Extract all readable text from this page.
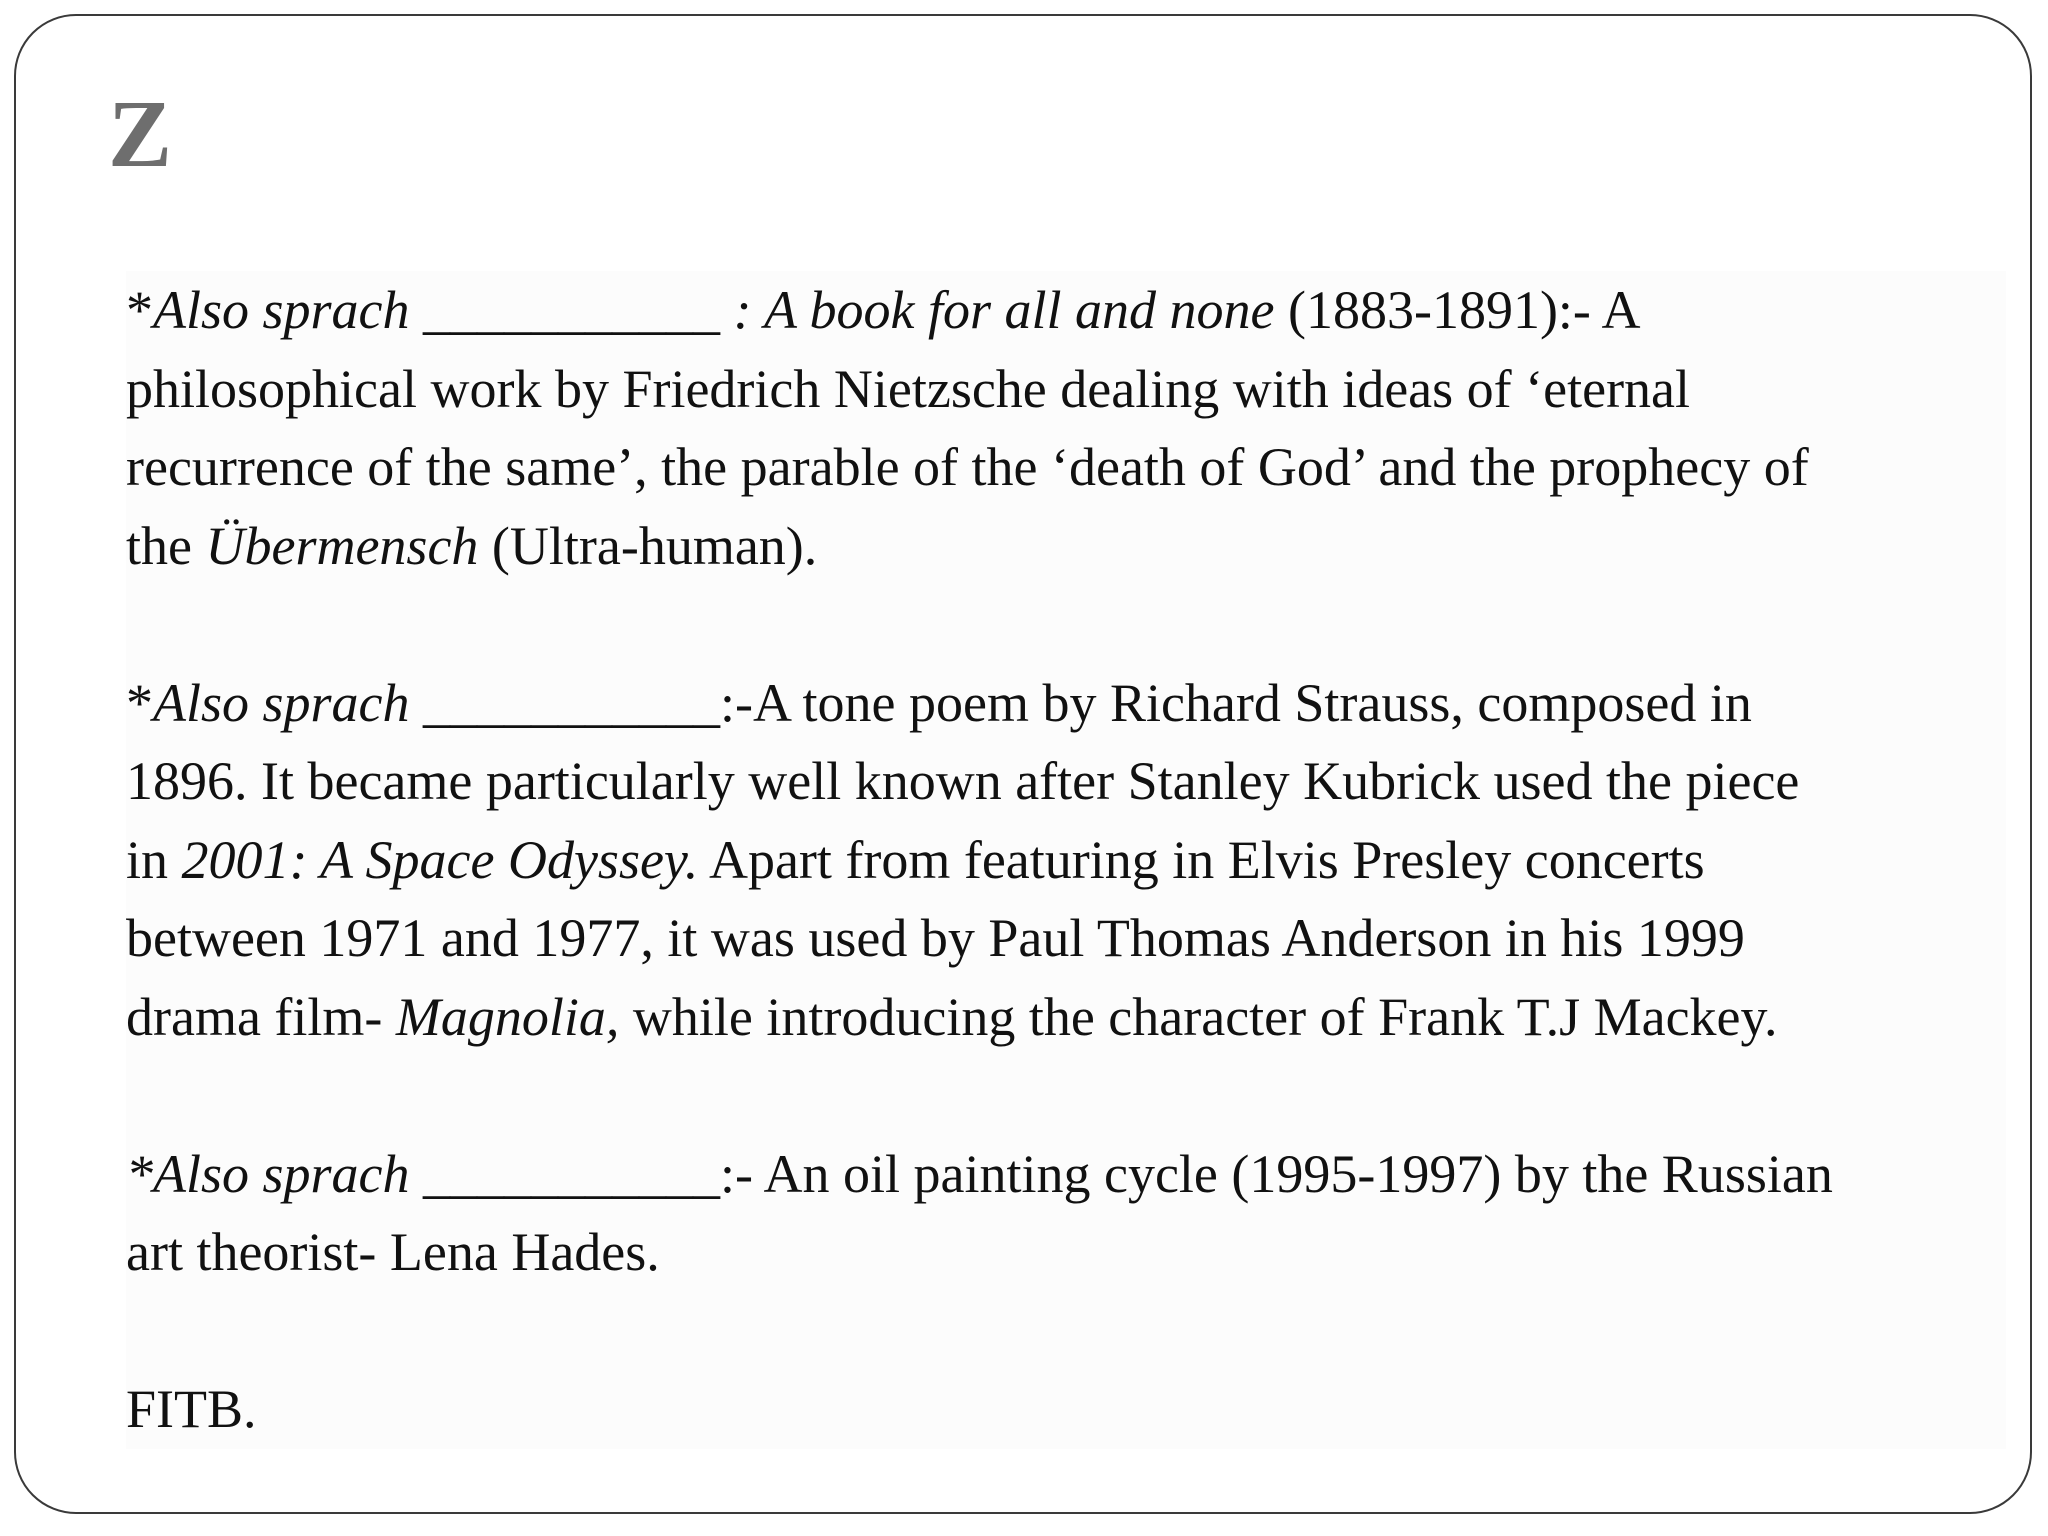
Z
*Also sprach ___________ : A book for all and none (1883-1891):- A
philosophical work by Friedrich Nietzsche dealing with ideas of ‘eternal
recurrence of the same’, the parable of the ‘death of God’ and the prophecy of
the Übermensch (Ultra-human).
*Also sprach ___________:-A tone poem by Richard Strauss, composed in
1896. It became particularly well known after Stanley Kubrick used the piece
in 2001: A Space Odyssey. Apart from featuring in Elvis Presley concerts
between 1971 and 1977, it was used by Paul Thomas Anderson in his 1999
drama film- Magnolia, while introducing the character of Frank T.J Mackey.
*Also sprach ___________:- An oil painting cycle (1995-1997) by the Russian
art theorist- Lena Hades.
FITB.
